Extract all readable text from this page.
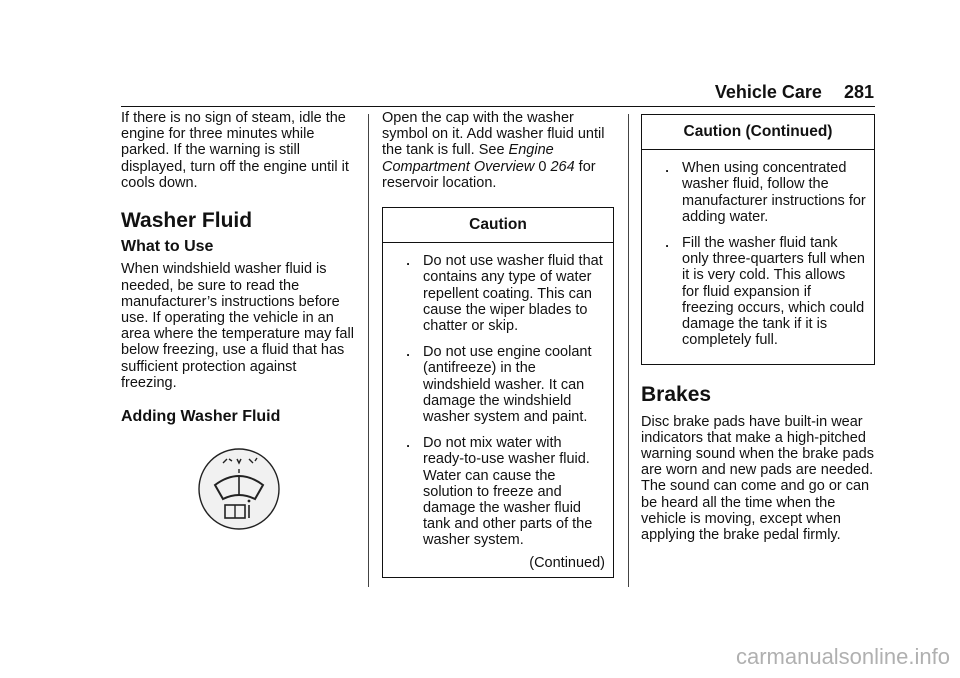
Vehicle Care 281

If there is no sign of steam, idle the engine for three minutes while parked. If the warning is still displayed, turn off the engine until it cools down.

Washer Fluid
What to Use

When windshield washer fluid is needed, be sure to read the manufacturer’s instructions before use. If operating the vehicle in an area where the temperature may fall below freezing, use a fluid that has sufficient protection against freezing.

Adding Washer Fluid

Open the cap with the washer symbol on it. Add washer fluid until the tank is full. See Engine Compartment Overview 0 264 for reservoir location.

Caution
. Do not use washer fluid that contains any type of water repellent coating. This can cause the wiper blades to chatter or skip.
. Do not use engine coolant (antifreeze) in the windshield washer. It can damage the windshield washer system and paint.
. Do not mix water with ready-to-use washer fluid. Water can cause the solution to freeze and damage the washer fluid tank and other parts of the washer system.
(Continued)
Caution (Continued)
. When using concentrated washer fluid, follow the manufacturer instructions for adding water.
. Fill the washer fluid tank only three-quarters full when it is very cold. This allows for fluid expansion if freezing occurs, which could damage the tank if it is completely full.
Brakes

Disc brake pads have built-in wear indicators that make a high-pitched warning sound when the brake pads are worn and new pads are needed. The sound can come and go or can be heard all the time when the vehicle is moving, except when applying the brake pedal firmly.

carmanualsonline.info
